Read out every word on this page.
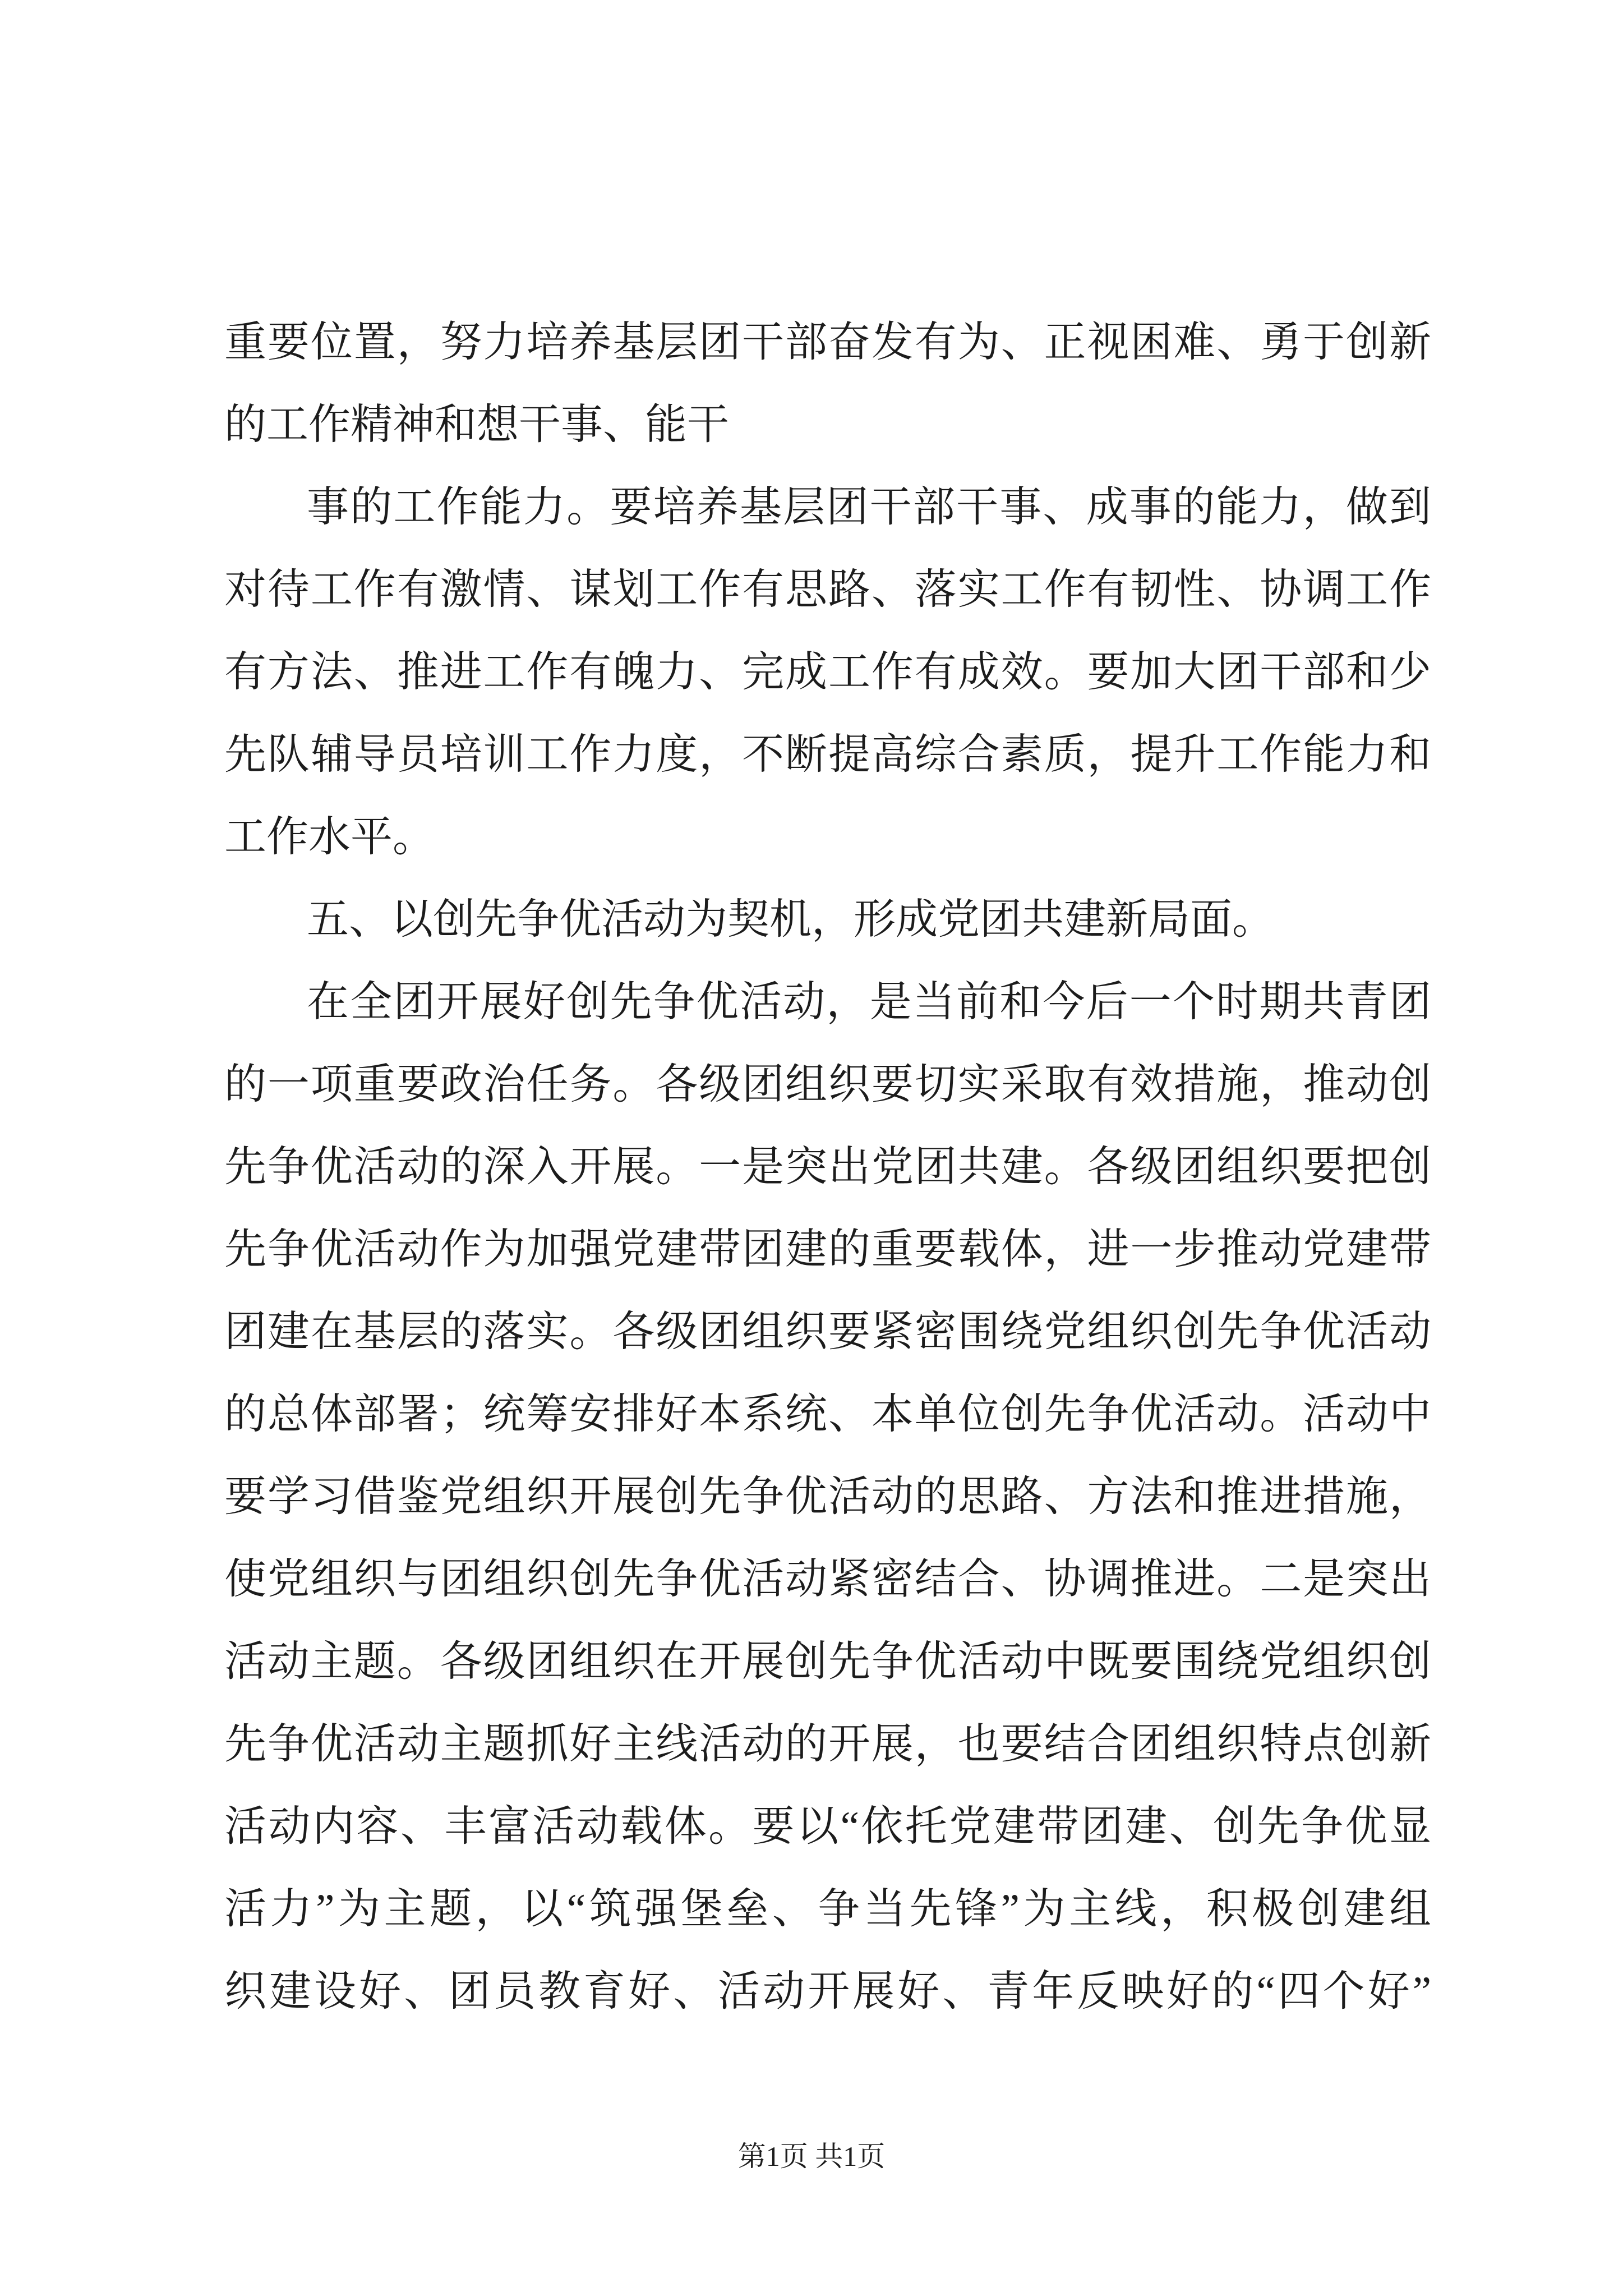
重要位置，努力培养基层团干部奋发有为、正视困难、勇于创新
的工作精神和想干事、能干
事的工作能力。要培养基层团干部干事、成事的能力，做到
对待工作有激情、谋划工作有思路、落实工作有韧性、协调工作
有方法、推进工作有魄力、完成工作有成效。要加大团干部和少
先队辅导员培训工作力度，不断提高综合素质，提升工作能力和
工作水平。
五、以创先争优活动为契机，形成党团共建新局面。
在全团开展好创先争优活动，是当前和今后一个时期共青团
的一项重要政治任务。各级团组织要切实采取有效措施，推动创
先争优活动的深入开展。一是突出党团共建。各级团组织要把创
先争优活动作为加强党建带团建的重要载体，进一步推动党建带
团建在基层的落实。各级团组织要紧密围绕党组织创先争优活动
的总体部署；统筹安排好本系统、本单位创先争优活动。活动中
要学习借鉴党组织开展创先争优活动的思路、方法和推进措施，
使党组织与团组织创先争优活动紧密结合、协调推进。二是突出
活动主题。各级团组织在开展创先争优活动中既要围绕党组织创
先争优活动主题抓好主线活动的开展，也要结合团组织特点创新
活动内容、丰富活动载体。要以“依托党建带团建、创先争优显
活力”为主题，以“筑强堡垒、争当先锋”为主线，积极创建组
织建设好、团员教育好、活动开展好、青年反映好的“四个好”
第1页 共1页
